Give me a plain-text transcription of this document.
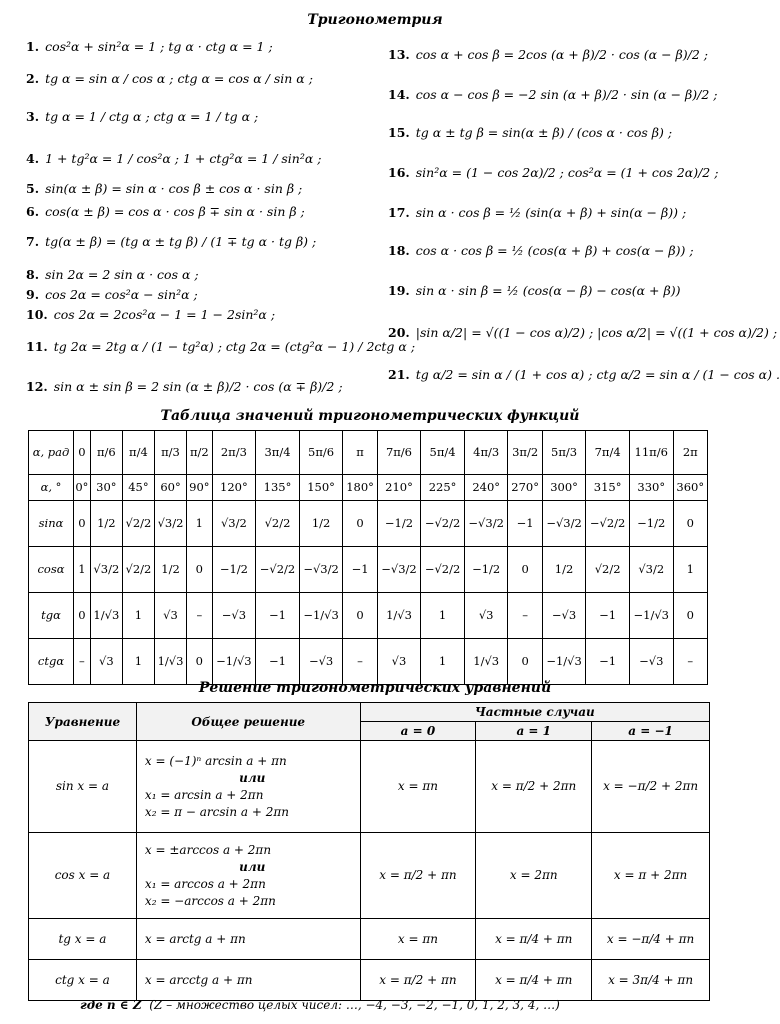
Тригонометрия
1. cos²α + sin²α = 1 ; tg α · ctg α = 1 ;
2. tg α = sin α / cos α ; ctg α = cos α / sin α ;
3. tg α = 1 / ctg α ; ctg α = 1 / tg α ;
4. 1 + tg²α = 1 / cos²α ; 1 + ctg²α = 1 / sin²α ;
5. sin(α ± β) = sin α · cos β ± cos α · sin β ;
6. cos(α ± β) = cos α · cos β ∓ sin α · sin β ;
7. tg(α ± β) = (tg α ± tg β) / (1 ∓ tg α · tg β) ;
8. sin 2α = 2 sin α · cos α ;
9. cos 2α = cos²α − sin²α ;
10. cos 2α = 2cos²α − 1 = 1 − 2sin²α ;
11. tg 2α = 2tg α / (1 − tg²α) ; ctg 2α = (ctg²α − 1) / 2ctg α ;
12. sin α ± sin β = 2 sin (α ± β)/2 · cos (α ∓ β)/2 ;
13. cos α + cos β = 2cos (α + β)/2 · cos (α − β)/2 ;
14. cos α − cos β = −2 sin (α + β)/2 · sin (α − β)/2 ;
15. tg α ± tg β = sin(α ± β) / (cos α · cos β) ;
16. sin²α = (1 − cos 2α)/2 ; cos²α = (1 + cos 2α)/2 ;
17. sin α · cos β = ½ (sin(α + β) + sin(α − β)) ;
18. cos α · cos β = ½ (cos(α + β) + cos(α − β)) ;
19. sin α · sin β = ½ (cos(α − β) − cos(α + β))
20. |sin α/2| = √((1 − cos α)/2) ; |cos α/2| = √((1 + cos α)/2) ;
21. tg α/2 = sin α / (1 + cos α) ; ctg α/2 = sin α / (1 − cos α) .
Таблица значений тригонометрических функций
α, рад	0	π/6	π/4	π/3	π/2	2π/3	3π/4	5π/6	π	7π/6	5π/4	4π/3	3π/2	5π/3	7π/4	11π/6	2π
α, °	0°	30°	45°	60°	90°	120°	135°	150°	180°	210°	225°	240°	270°	300°	315°	330°	360°
sinα	0	1/2	√2/2	√3/2	1	√3/2	√2/2	1/2	0	−1/2	−√2/2	−√3/2	−1	−√3/2	−√2/2	−1/2	0
cosα	1	√3/2	√2/2	1/2	0	−1/2	−√2/2	−√3/2	−1	−√3/2	−√2/2	−1/2	0	1/2	√2/2	√3/2	1
tgα	0	1/√3	1	√3	–	−√3	−1	−1/√3	0	1/√3	1	√3	–	−√3	−1	−1/√3	0
ctgα	–	√3	1	1/√3	0	−1/√3	−1	−√3	–	√3	1	1/√3	0	−1/√3	−1	−√3	–
Решение тригонометрических уравнений
Уравнение	Общее решение	Частные случаи		
		a = 0	a = 1	a = −1
sin x = a	x = (−1)ⁿ arcsin a + πn
или
x₁ = arcsin a + 2πn
x₂ = π − arcsin a + 2πn	x = πn	x = π/2 + 2πn	x = −π/2 + 2πn
cos x = a	x = ±arccos a + 2πn
или
x₁ = arccos a + 2πn
x₂ = −arccos a + 2πn	x = π/2 + πn	x = 2πn	x = π + 2πn
tg x = a	x = arctg a + πn	x = πn	x = π/4 + πn	x = −π/4 + πn
ctg x = a	x = arcctg a + πn	x = π/2 + πn	x = π/4 + πn	x = 3π/4 + πn
где n ∈ Z (Z – множество целых чисел: …, −4, −3, −2, −1, 0, 1, 2, 3, 4, …)
